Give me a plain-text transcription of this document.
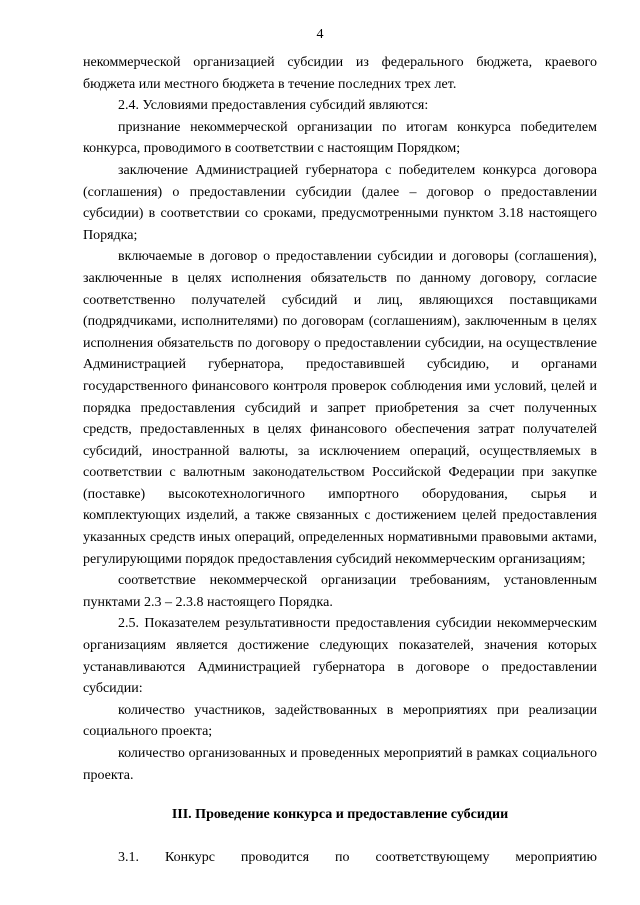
4

некоммерческой организацией субсидии из федерального бюджета, краевого бюджета или местного бюджета в течение последних трех лет.

2.4. Условиями предоставления субсидий являются:

признание некоммерческой организации по итогам конкурса победителем конкурса, проводимого в соответствии с настоящим Порядком;

заключение Администрацией губернатора с победителем конкурса договора (соглашения) о предоставлении субсидии (далее – договор о предоставлении субсидии) в соответствии со сроками, предусмотренными пунктом 3.18 настоящего Порядка;

включаемые в договор о предоставлении субсидии и договоры (соглашения), заключенные в целях исполнения обязательств по данному договору, согласие соответственно получателей субсидий и лиц, являющихся поставщиками (подрядчиками, исполнителями) по договорам (соглашениям), заключенным в целях исполнения обязательств по договору о предоставлении субсидии, на осуществление Администрацией губернатора, предоставившей субсидию, и органами государственного финансового контроля проверок соблюдения ими условий, целей и порядка предоставления субсидий и запрет приобретения за счет полученных средств, предоставленных в целях финансового обеспечения затрат получателей субсидий, иностранной валюты, за исключением операций, осуществляемых в соответствии с валютным законодательством Российской Федерации при закупке (поставке) высокотехнологичного импортного оборудования, сырья и комплектующих изделий, а также связанных с достижением целей предоставления указанных средств иных операций, определенных нормативными правовыми актами, регулирующими порядок предоставления субсидий некоммерческим организациям;

соответствие некоммерческой организации требованиям, установленным пунктами 2.3 – 2.3.8 настоящего Порядка.

2.5. Показателем результативности предоставления субсидии некоммерческим организациям является достижение следующих показателей, значения которых устанавливаются Администрацией губернатора в договоре о предоставлении субсидии:

количество участников, задействованных в мероприятиях при реализации социального проекта;

количество организованных и проведенных мероприятий в рамках социального проекта.

III. Проведение конкурса и предоставление субсидии

3.1. Конкурс проводится по соответствующему мероприятию
